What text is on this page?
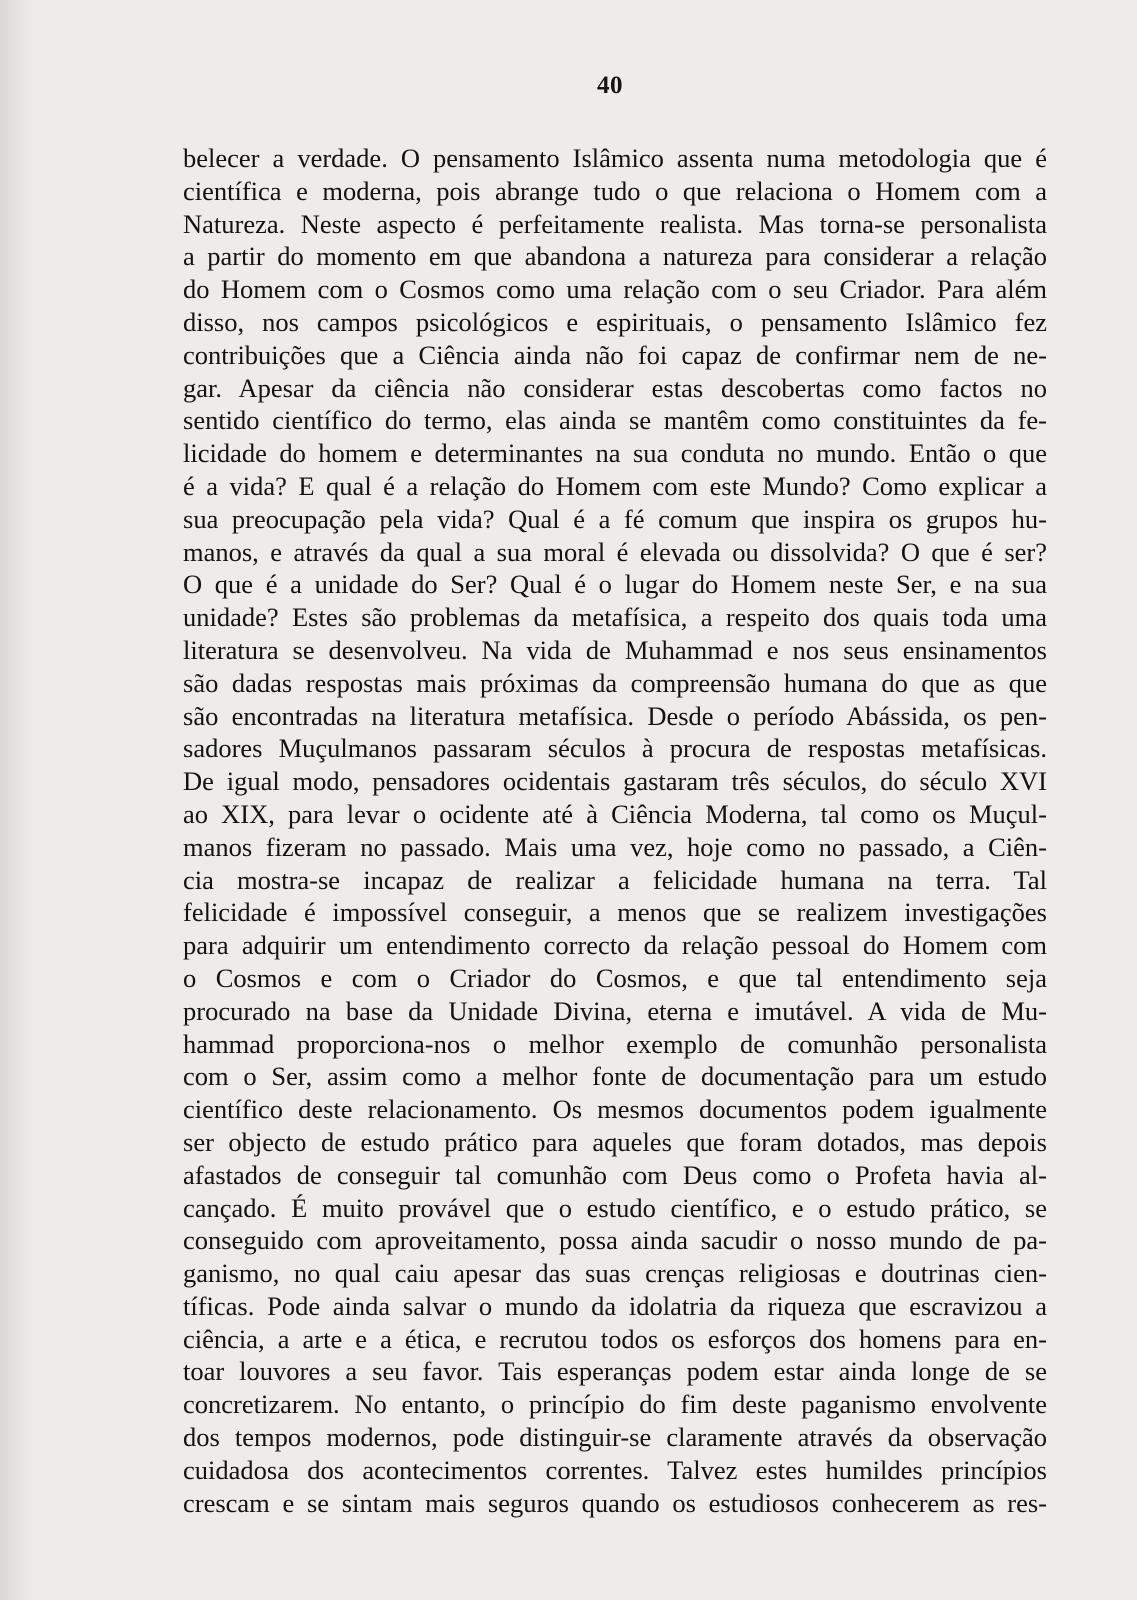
40
belecer a verdade. O pensamento Islâmico assenta numa metodologia que é
científica e moderna, pois abrange tudo o que relaciona o Homem com a
Natureza. Neste aspecto é perfeitamente realista. Mas torna-se personalista
a partir do momento em que abandona a natureza para considerar a relação
do Homem com o Cosmos como uma relação com o seu Criador. Para além
disso, nos campos psicológicos e espirituais, o pensamento Islâmico fez
contribuições que a Ciência ainda não foi capaz de confirmar nem de ne-
gar. Apesar da ciência não considerar estas descobertas como factos no
sentido científico do termo, elas ainda se mantêm como constituintes da fe-
licidade do homem e determinantes na sua conduta no mundo. Então o que
é a vida? E qual é a relação do Homem com este Mundo? Como explicar a
sua preocupação pela vida? Qual é a fé comum que inspira os grupos hu-
manos, e através da qual a sua moral é elevada ou dissolvida? O que é ser?
O que é a unidade do Ser? Qual é o lugar do Homem neste Ser, e na sua
unidade? Estes são problemas da metafísica, a respeito dos quais toda uma
literatura se desenvolveu. Na vida de Muhammad e nos seus ensinamentos
são dadas respostas mais próximas da compreensão humana do que as que
são encontradas na literatura metafísica. Desde o período Abássida, os pen-
sadores Muçulmanos passaram séculos à procura de respostas metafísicas.
De igual modo, pensadores ocidentais gastaram três séculos, do século XVI
ao XIX, para levar o ocidente até à Ciência Moderna, tal como os Muçul-
manos fizeram no passado. Mais uma vez, hoje como no passado, a Ciên-
cia mostra-se incapaz de realizar a felicidade humana na terra. Tal
felicidade é impossível conseguir, a menos que se realizem investigações
para adquirir um entendimento correcto da relação pessoal do Homem com
o Cosmos e com o Criador do Cosmos, e que tal entendimento seja
procurado na base da Unidade Divina, eterna e imutável. A vida de Mu-
hammad proporciona-nos o melhor exemplo de comunhão personalista
com o Ser, assim como a melhor fonte de documentação para um estudo
científico deste relacionamento. Os mesmos documentos podem igualmente
ser objecto de estudo prático para aqueles que foram dotados, mas depois
afastados de conseguir tal comunhão com Deus como o Profeta havia al-
cançado. É muito provável que o estudo científico, e o estudo prático, se
conseguido com aproveitamento, possa ainda sacudir o nosso mundo de pa-
ganismo, no qual caiu apesar das suas crenças religiosas e doutrinas cien-
tíficas. Pode ainda salvar o mundo da idolatria da riqueza que escravizou a
ciência, a arte e a ética, e recrutou todos os esforços dos homens para en-
toar louvores a seu favor. Tais esperanças podem estar ainda longe de se
concretizarem. No entanto, o princípio do fim deste paganismo envolvente
dos tempos modernos, pode distinguir-se claramente através da observação
cuidadosa dos acontecimentos correntes. Talvez estes humildes princípios
crescam e se sintam mais seguros quando os estudiosos conhecerem as res-
